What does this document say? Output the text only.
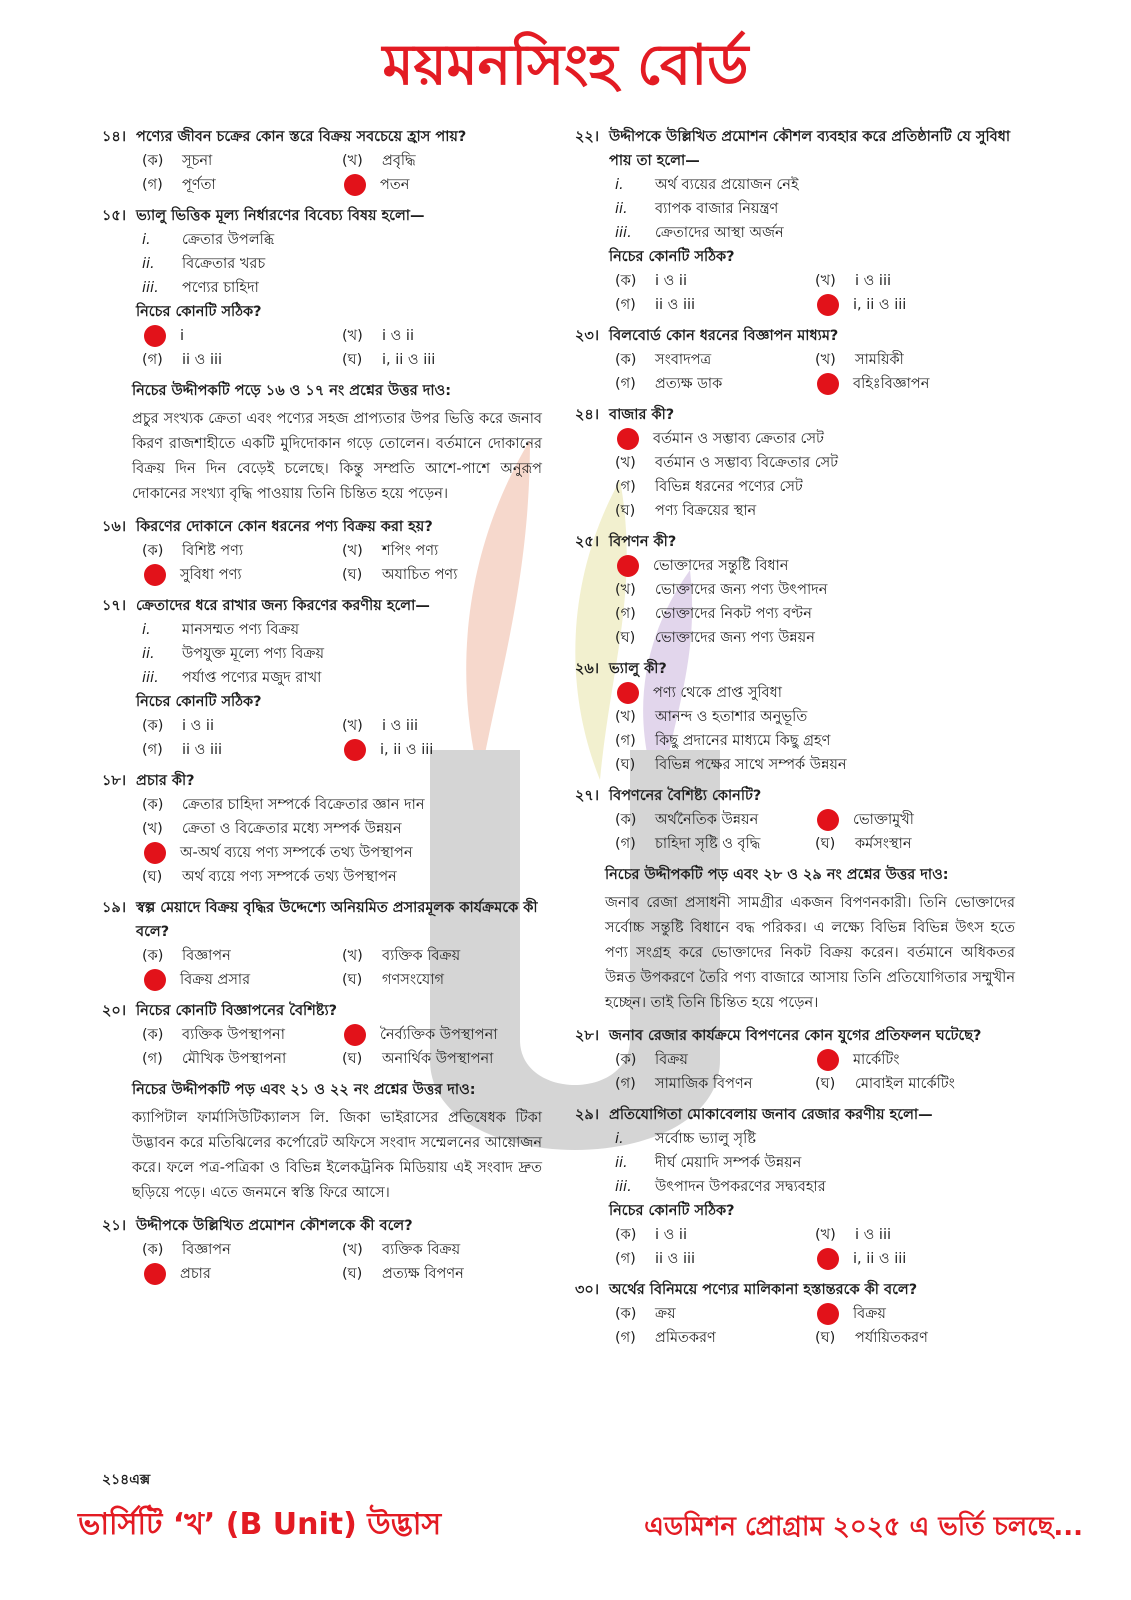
ময়মনসিংহ বোর্ড
১৪। পণ্যের জীবন চক্রের কোন স্তরে বিক্রয় সবচেয়ে হ্রাস পায়?
(ক)	সূচনা	(খ)	প্রবৃদ্ধি
(গ)	পূর্ণতা	পতন
১৫। ভ্যালু ভিত্তিক মূল্য নির্ধারণের বিবেচ্য বিষয় হলো—
i.	ক্রেতার উপলব্ধি
ii.	বিক্রেতার খরচ
iii.	পণ্যের চাহিদা
নিচের কোনটি সঠিক?
i	(খ)	i ও ii
(গ)	ii ও iii	(ঘ)	i, ii ও iii
নিচের উদ্দীপকটি পড়ে ১৬ ও ১৭ নং প্রশ্নের উত্তর দাও:
প্রচুর সংখ্যক ক্রেতা এবং পণ্যের সহজ প্রাপ্যতার উপর ভিত্তি করে জনাব কিরণ রাজশাহীতে একটি মুদিদোকান গড়ে তোলেন। বর্তমানে দোকানের বিক্রয় দিন দিন বেড়েই চলেছে। কিন্তু সম্প্রতি আশে-পাশে অনুরূপ দোকানের সংখ্যা বৃদ্ধি পাওয়ায় তিনি চিন্তিত হয়ে পড়েন।
১৬। কিরণের দোকানে কোন ধরনের পণ্য বিক্রয় করা হয়?
(ক)	বিশিষ্ট পণ্য	(খ)	শপিং পণ্য
সুবিধা পণ্য	(ঘ)	অযাচিত পণ্য
১৭। ক্রেতাদের ধরে রাখার জন্য কিরণের করণীয় হলো—
i.	মানসম্মত পণ্য বিক্রয়
ii.	উপযুক্ত মূল্যে পণ্য বিক্রয়
iii.	পর্যাপ্ত পণ্যের মজুদ রাখা
নিচের কোনটি সঠিক?
(ক)	i ও ii	(খ)	i ও iii
(গ)	ii ও iii	i, ii ও iii
১৮। প্রচার কী?
(ক)	ক্রেতার চাহিদা সম্পর্কে বিক্রেতার জ্ঞান দান
(খ)	ক্রেতা ও বিক্রেতার মধ্যে সম্পর্ক উন্নয়ন
অ-অর্থ ব্যয়ে পণ্য সম্পর্কে তথ্য উপস্থাপন
(ঘ)	অর্থ ব্যয়ে পণ্য সম্পর্কে তথ্য উপস্থাপন
১৯। স্বল্প মেয়াদে বিক্রয় বৃদ্ধির উদ্দেশ্যে অনিয়মিত প্রসারমূলক কার্যক্রমকে কী বলে?
(ক)	বিজ্ঞাপন	(খ)	ব্যক্তিক বিক্রয়
বিক্রয় প্রসার	(ঘ)	গণসংযোগ
২০। নিচের কোনটি বিজ্ঞাপনের বৈশিষ্ট্য?
(ক)	ব্যক্তিক উপস্থাপনা	নৈর্ব্যক্তিক উপস্থাপনা
(গ)	মৌখিক উপস্থাপনা	(ঘ)	অনার্থিক উপস্থাপনা
নিচের উদ্দীপকটি পড় এবং ২১ ও ২২ নং প্রশ্নের উত্তর দাও:
ক্যাপিটাল ফার্মাসিউটিক্যালস লি. জিকা ভাইরাসের প্রতিষেধক টিকা উদ্ভাবন করে মতিঝিলের কর্পোরেট অফিসে সংবাদ সম্মেলনের আয়োজন করে। ফলে পত্র-পত্রিকা ও বিভিন্ন ইলেকট্রনিক মিডিয়ায় এই সংবাদ দ্রুত ছড়িয়ে পড়ে। এতে জনমনে স্বস্তি ফিরে আসে।
২১। উদ্দীপকে উল্লিখিত প্রমোশন কৌশলকে কী বলে?
(ক)	বিজ্ঞাপন	(খ)	ব্যক্তিক বিক্রয়
প্রচার	(ঘ)	প্রত্যক্ষ বিপণন
২২। উদ্দীপকে উল্লিখিত প্রমোশন কৌশল ব্যবহার করে প্রতিষ্ঠানটি যে সুবিধা পায় তা হলো—
i.	অর্থ ব্যয়ের প্রয়োজন নেই
ii.	ব্যাপক বাজার নিয়ন্ত্রণ
iii.	ক্রেতাদের আস্থা অর্জন
নিচের কোনটি সঠিক?
(ক)	i ও ii	(খ)	i ও iii
(গ)	ii ও iii	i, ii ও iii
২৩। বিলবোর্ড কোন ধরনের বিজ্ঞাপন মাধ্যম?
(ক)	সংবাদপত্র	(খ)	সাময়িকী
(গ)	প্রত্যক্ষ ডাক	বহিঃবিজ্ঞাপন
২৪। বাজার কী?
বর্তমান ও সম্ভাব্য ক্রেতার সেট
(খ)	বর্তমান ও সম্ভাব্য বিক্রেতার সেট
(গ)	বিভিন্ন ধরনের পণ্যের সেট
(ঘ)	পণ্য বিক্রয়ের স্থান
২৫। বিপণন কী?
ভোক্তাদের সন্তুষ্টি বিধান
(খ)	ভোক্তাদের জন্য পণ্য উৎপাদন
(গ)	ভোক্তাদের নিকট পণ্য বণ্টন
(ঘ)	ভোক্তাদের জন্য পণ্য উন্নয়ন
২৬। ভ্যালু কী?
পণ্য থেকে প্রাপ্ত সুবিধা
(খ)	আনন্দ ও হতাশার অনুভূতি
(গ)	কিছু প্রদানের মাধ্যমে কিছু গ্রহণ
(ঘ)	বিভিন্ন পক্ষের সাথে সম্পর্ক উন্নয়ন
২৭। বিপণনের বৈশিষ্ট্য কোনটি?
(ক)	অর্থনৈতিক উন্নয়ন	ভোক্তামুখী
(গ)	চাহিদা সৃষ্টি ও বৃদ্ধি	(ঘ)	কর্মসংস্থান
নিচের উদ্দীপকটি পড় এবং ২৮ ও ২৯ নং প্রশ্নের উত্তর দাও:
জনাব রেজা প্রসাধনী সামগ্রীর একজন বিপণনকারী। তিনি ভোক্তাদের সর্বোচ্চ সন্তুষ্টি বিধানে বদ্ধ পরিকর। এ লক্ষ্যে বিভিন্ন বিভিন্ন উৎস হতে পণ্য সংগ্রহ করে ভোক্তাদের নিকট বিক্রয় করেন। বর্তমানে অধিকতর উন্নত উপকরণে তৈরি পণ্য বাজারে আসায় তিনি প্রতিযোগিতার সম্মুখীন হচ্ছেন। তাই তিনি চিন্তিত হয়ে পড়েন।
২৮। জনাব রেজার কার্যক্রমে বিপণনের কোন যুগের প্রতিফলন ঘটেছে?
(ক)	বিক্রয়	মার্কেটিং
(গ)	সামাজিক বিপণন	(ঘ)	মোবাইল মার্কেটিং
২৯। প্রতিযোগিতা মোকাবেলায় জনাব রেজার করণীয় হলো—
i.	সর্বোচ্চ ভ্যালু সৃষ্টি
ii.	দীর্ঘ মেয়াদি সম্পর্ক উন্নয়ন
iii.	উৎপাদন উপকরণের সদ্ব্যবহার
নিচের কোনটি সঠিক?
(ক)	i ও ii	(খ)	i ও iii
(গ)	ii ও iii	i, ii ও iii
৩০। অর্থের বিনিময়ে পণ্যের মালিকানা হস্তান্তরকে কী বলে?
(ক)	ক্রয়	বিক্রয়
(গ)	প্রমিতকরণ	(ঘ)	পর্যায়িতকরণ
২১৪এক্স
ভার্সিটি ‘খ’ (B Unit) উদ্ভাস	এডমিশন প্রোগ্রাম ২০২৫ এ ভর্তি চলছে...
